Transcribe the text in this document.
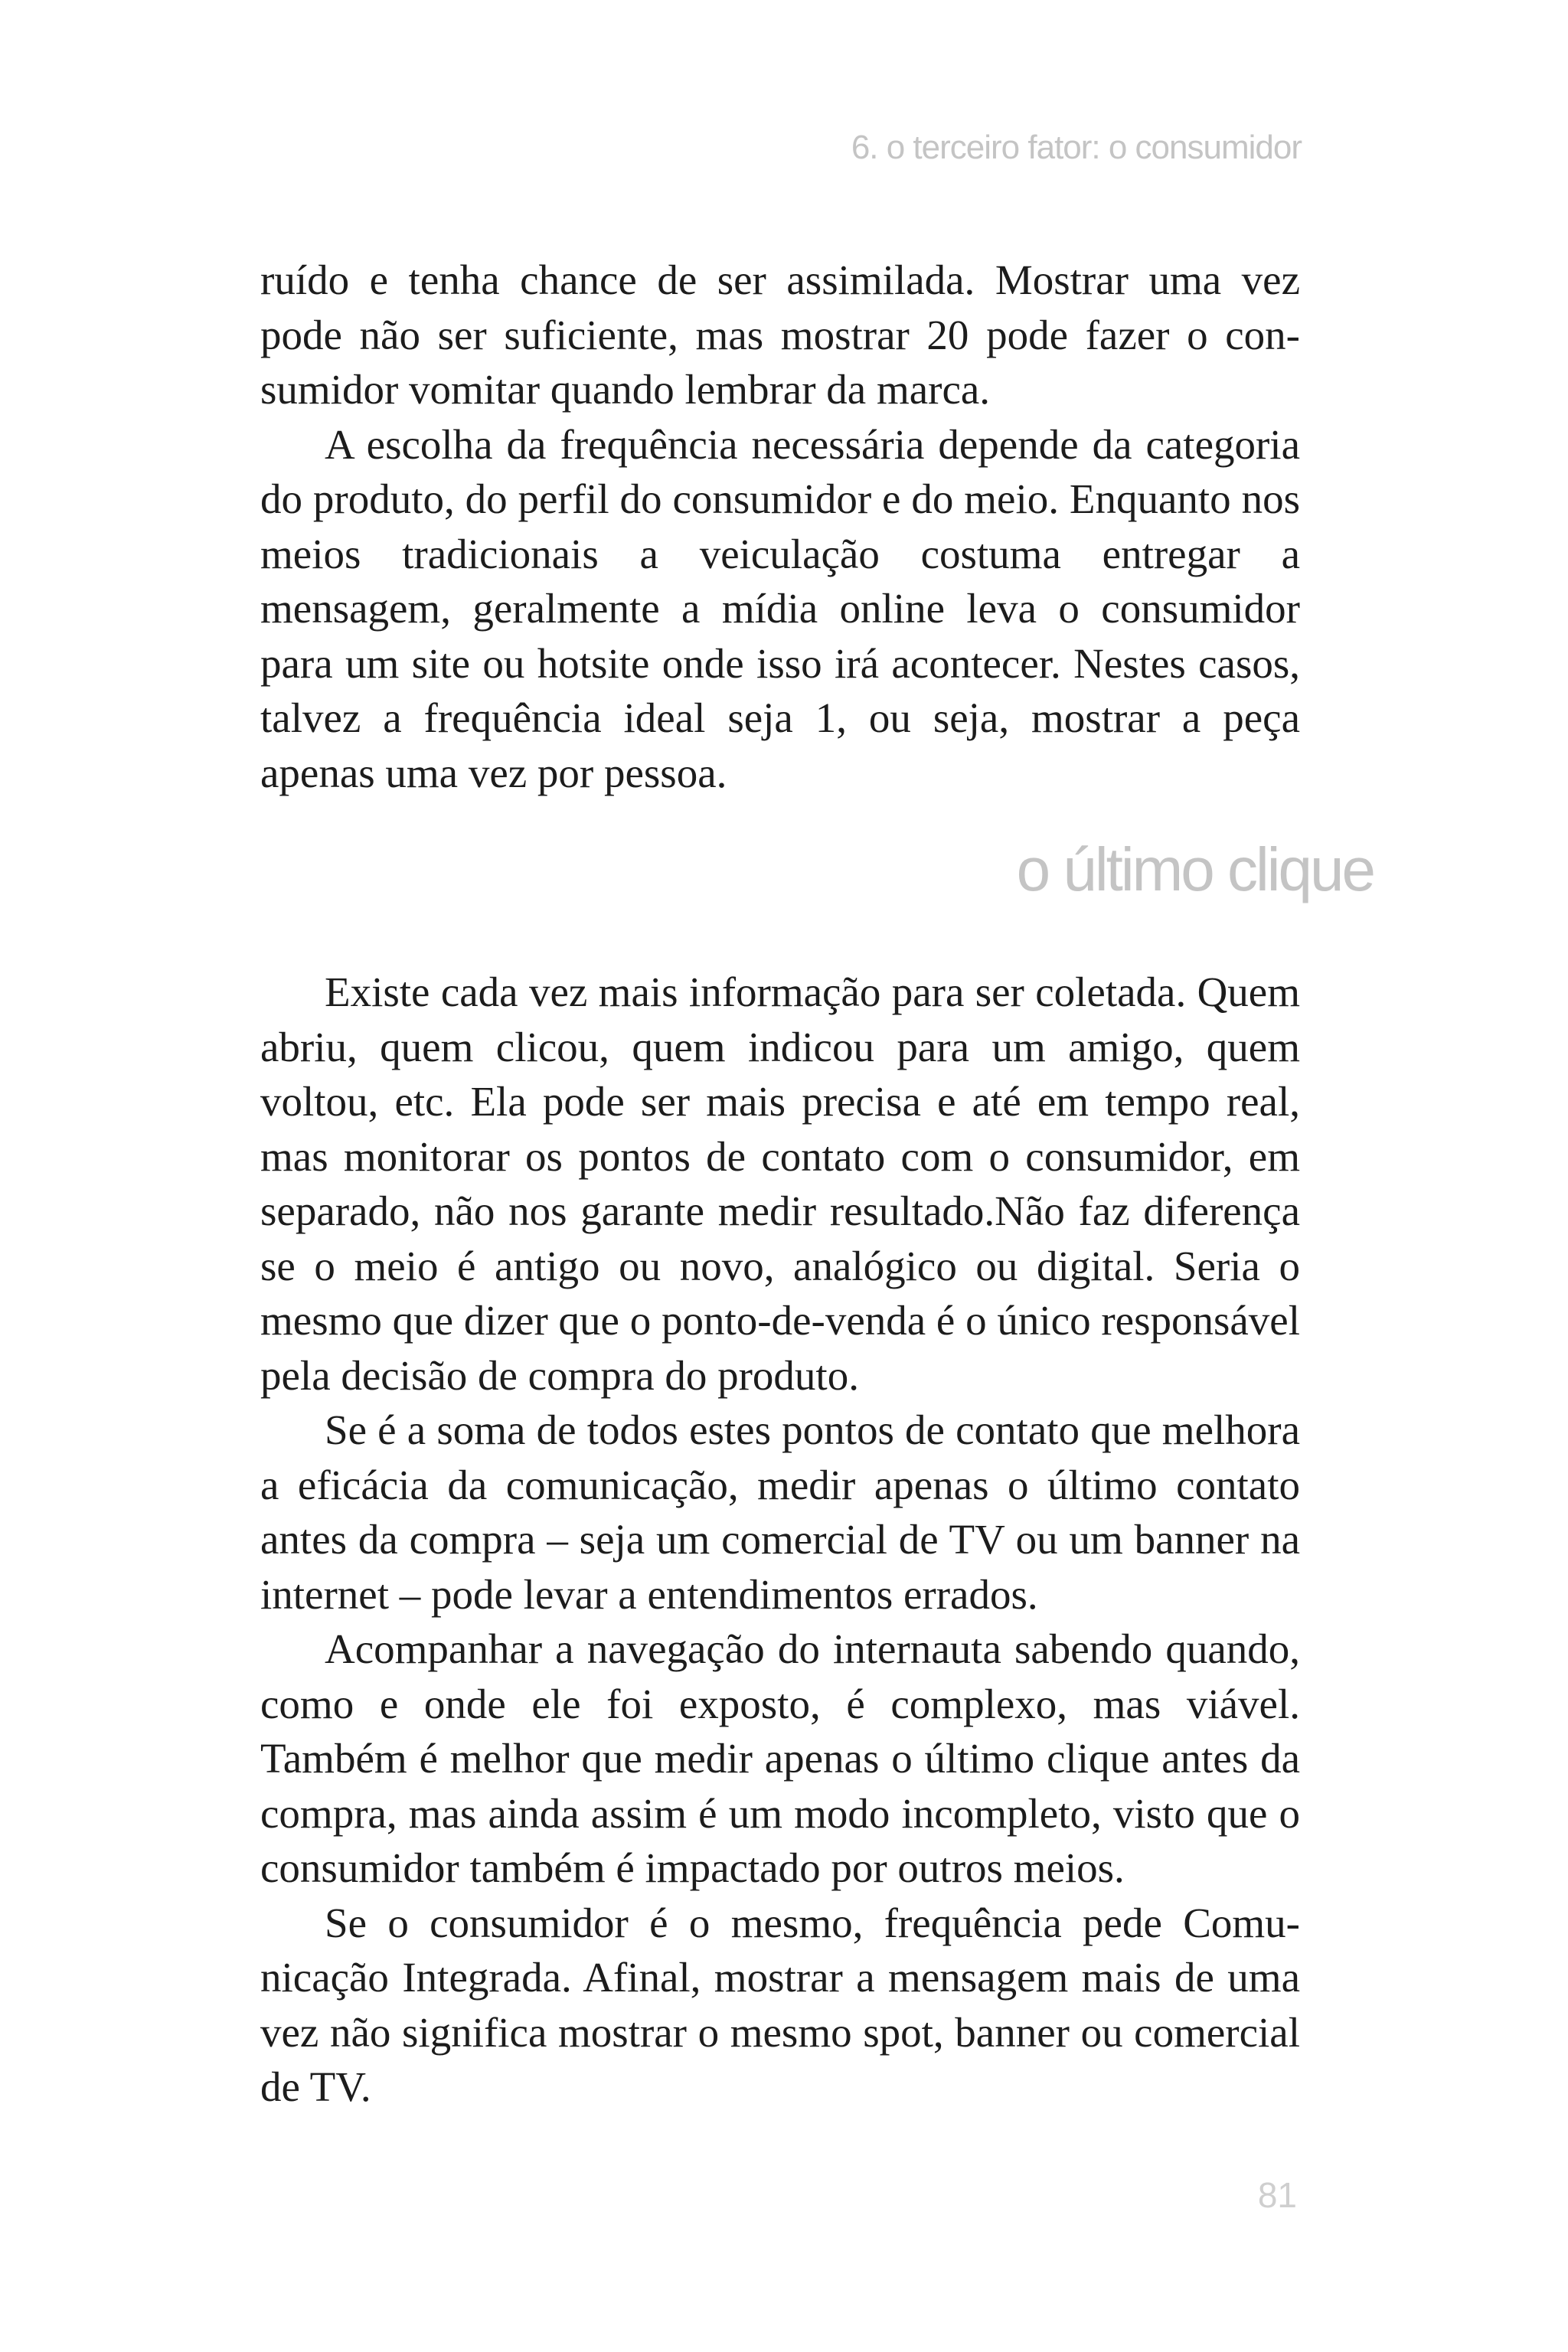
6. o terceiro fator: o consumidor

ruído e tenha chance de ser assimilada. Mostrar uma vez pode não ser suficiente, mas mostrar 20 pode fazer o consumidor vomitar quando lembrar da marca.

A escolha da frequência necessária depende da categoria do produto, do perfil do consumidor e do meio. Enquanto nos meios tradicionais a veiculação costuma entregar a mensagem, geralmente a mídia online leva o consumidor para um site ou hotsite onde isso irá acontecer. Nestes casos, talvez a frequência ideal seja 1, ou seja, mostrar a peça apenas uma vez por pessoa.

o último clique

Existe cada vez mais informação para ser coletada. Quem abriu, quem clicou, quem indicou para um amigo, quem voltou, etc. Ela pode ser mais precisa e até em tempo real, mas monitorar os pontos de contato com o consumidor, em separado, não nos garante medir resultado.Não faz diferença se o meio é antigo ou novo, analógico ou digital. Seria o mesmo que dizer que o ponto-de-venda é o único responsável pela decisão de compra do produto.

Se é a soma de todos estes pontos de contato que melhora a eficácia da comunicação, medir apenas o último contato antes da compra – seja um comercial de TV ou um banner na internet – pode levar a entendimentos errados.

Acompanhar a navegação do internauta sabendo quando, como e onde ele foi exposto, é complexo, mas viável. Também é melhor que medir apenas o último clique antes da compra, mas ainda assim é um modo incompleto, visto que o consumidor também é impactado por outros meios.

Se o consumidor é o mesmo, frequência pede Comunicação Integrada. Afinal, mostrar a mensagem mais de uma vez não significa mostrar o mesmo spot, banner ou comercial de TV.

81
